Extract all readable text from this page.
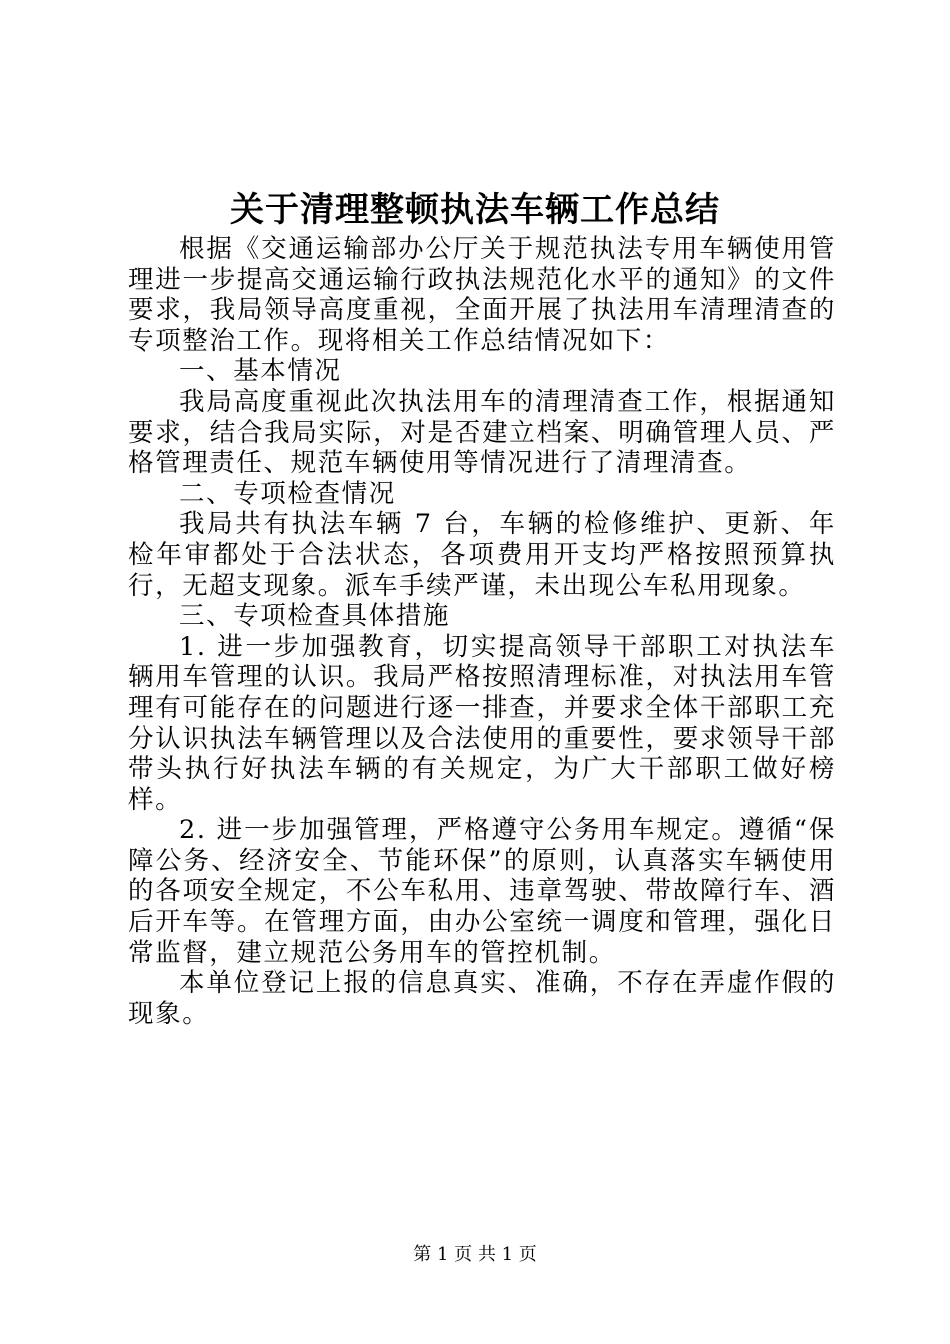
关于清理整顿执法车辆工作总结

根据《交通运输部办公厅关于规范执法专用车辆使用管理进一步提高交通运输行政执法规范化水平的通知》的文件要求，我局领导高度重视，全面开展了执法用车清理清查的专项整治工作。现将相关工作总结情况如下：

一、基本情况

我局高度重视此次执法用车的清理清查工作，根据通知要求，结合我局实际，对是否建立档案、明确管理人员、严格管理责任、规范车辆使用等情况进行了清理清查。

二、专项检查情况

我局共有执法车辆 7 台，车辆的检修维护、更新、年检年审都处于合法状态，各项费用开支均严格按照预算执行，无超支现象。派车手续严谨，未出现公车私用现象。

三、专项检查具体措施

1. 进一步加强教育，切实提高领导干部职工对执法车辆用车管理的认识。我局严格按照清理标准，对执法用车管理有可能存在的问题进行逐一排查，并要求全体干部职工充分认识执法车辆管理以及合法使用的重要性，要求领导干部带头执行好执法车辆的有关规定，为广大干部职工做好榜样。

2. 进一步加强管理，严格遵守公务用车规定。遵循“保障公务、经济安全、节能环保”的原则，认真落实车辆使用的各项安全规定，不公车私用、违章驾驶、带故障行车、酒后开车等。在管理方面，由办公室统一调度和管理，强化日常监督，建立规范公务用车的管控机制。

本单位登记上报的信息真实、准确，不存在弄虚作假的现象。

第 1 页 共 1 页
